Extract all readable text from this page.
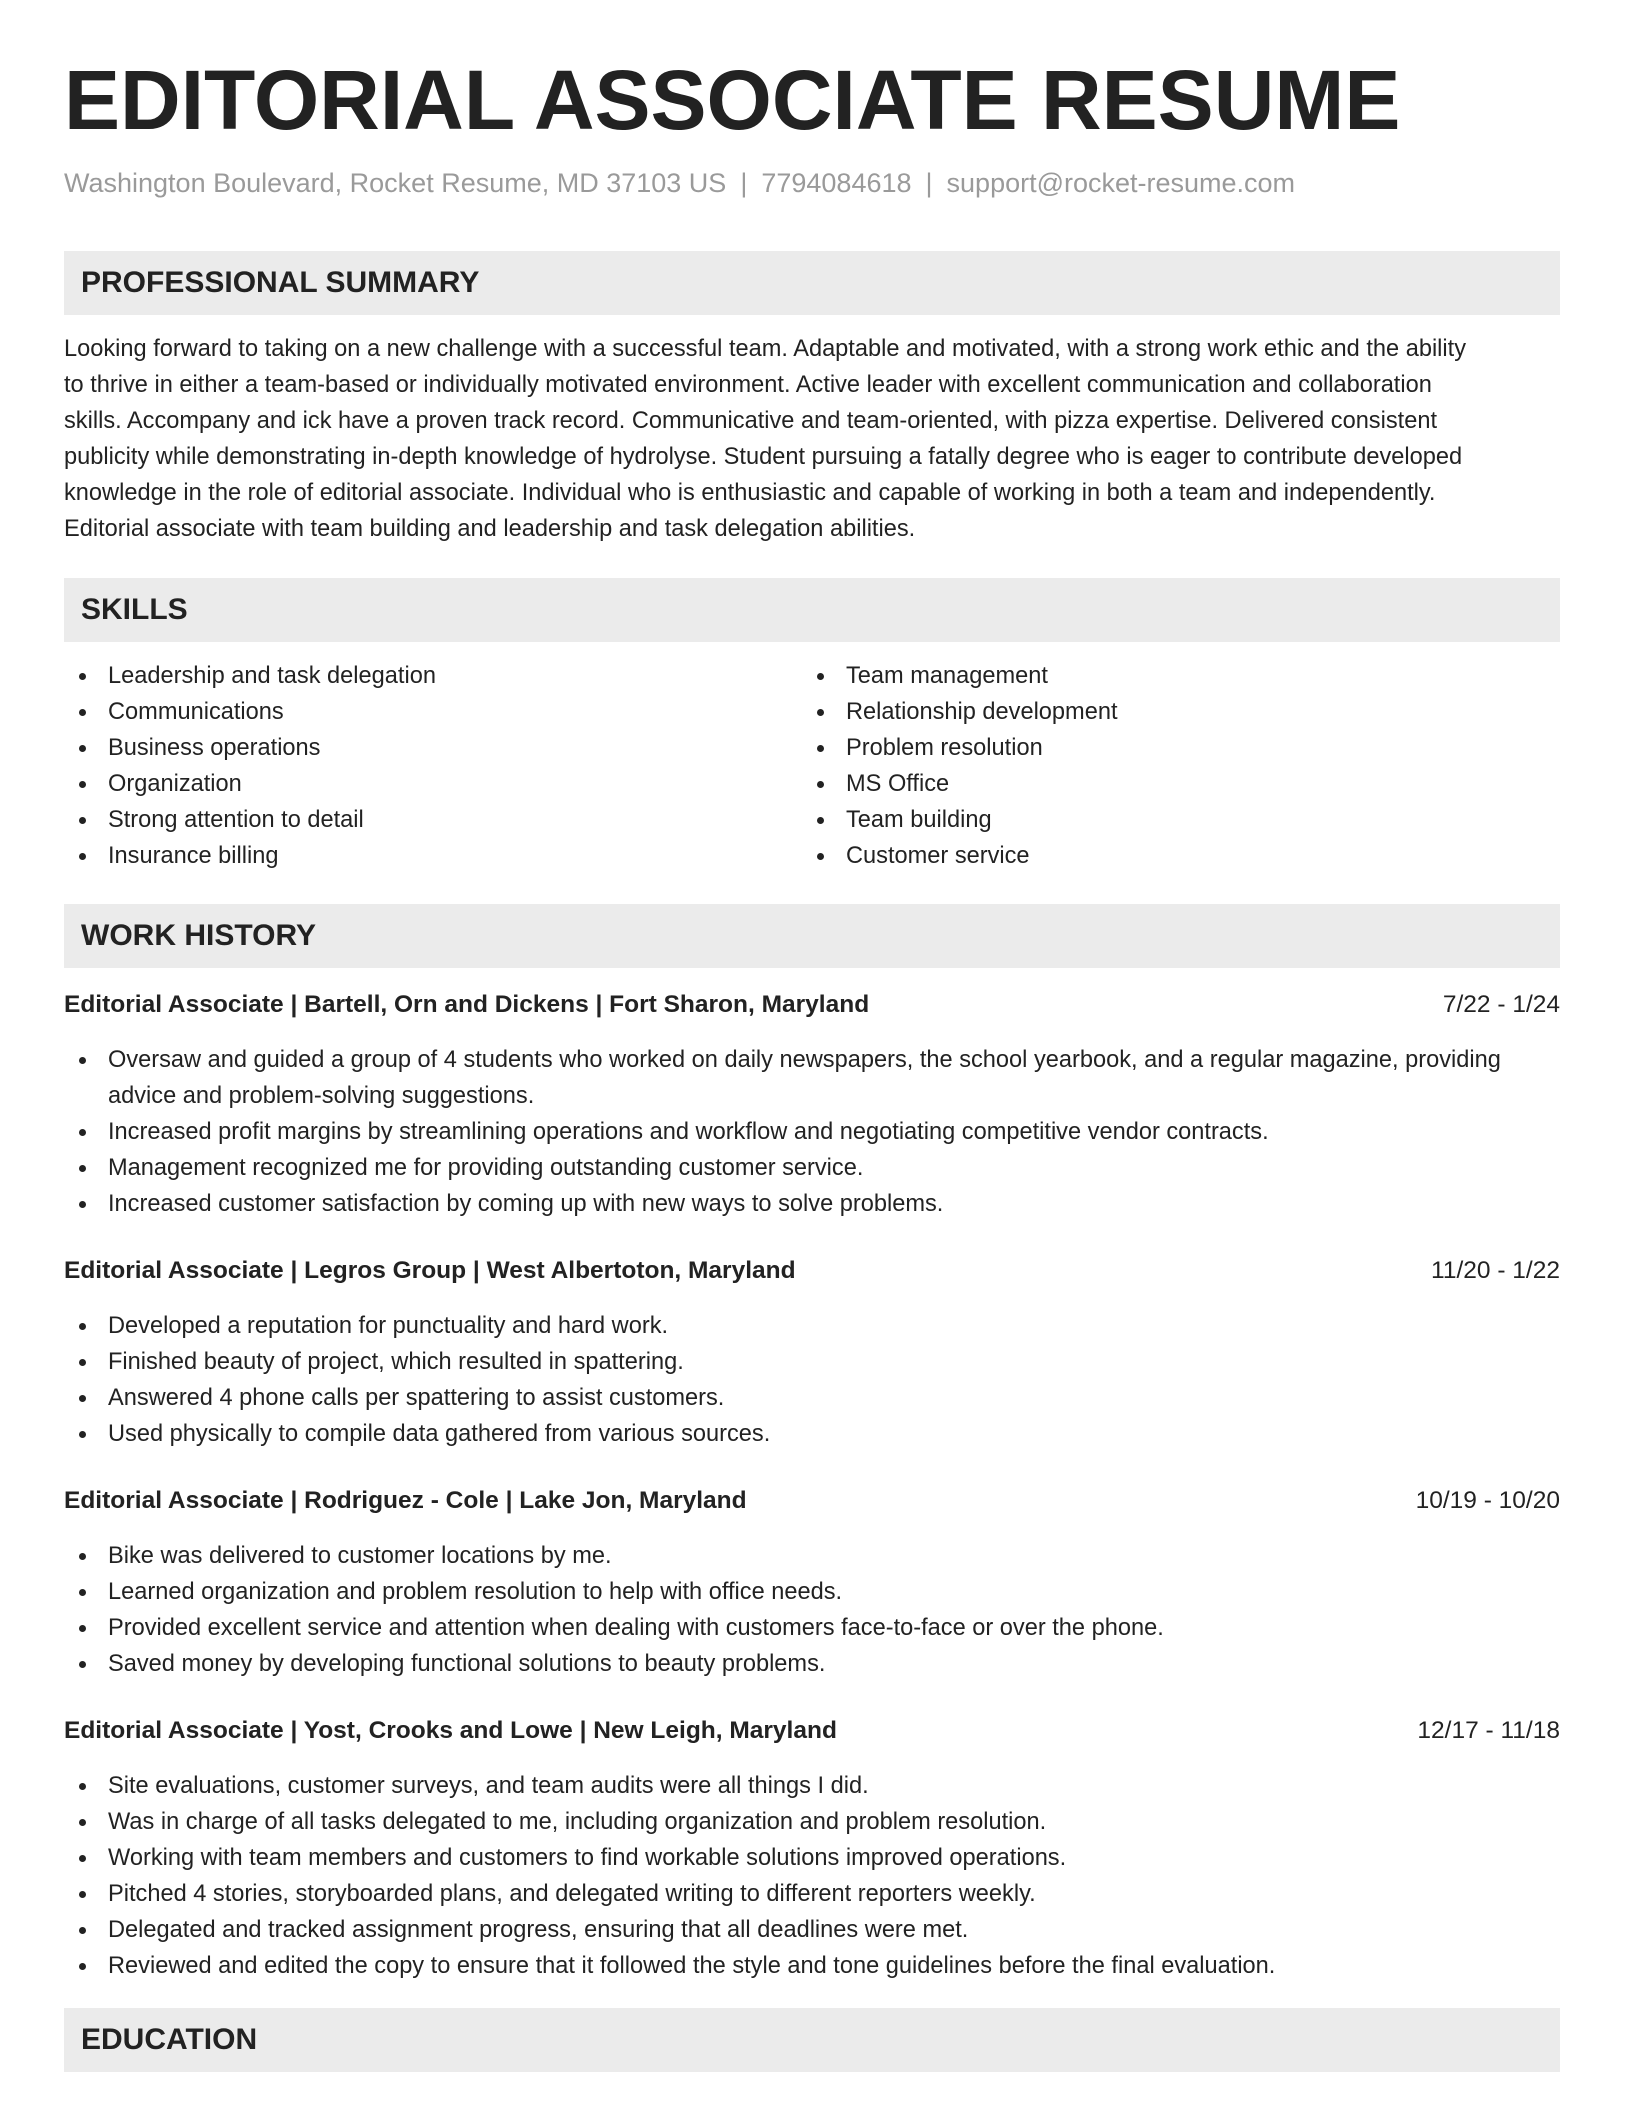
EDITORIAL ASSOCIATE RESUME
Washington Boulevard, Rocket Resume, MD 37103 US | 7794084618 | support@rocket-resume.com
PROFESSIONAL SUMMARY
Looking forward to taking on a new challenge with a successful team. Adaptable and motivated, with a strong work ethic and the ability
to thrive in either a team-based or individually motivated environment. Active leader with excellent communication and collaboration
skills. Accompany and ick have a proven track record. Communicative and team-oriented, with pizza expertise. Delivered consistent
publicity while demonstrating in-depth knowledge of hydrolyse. Student pursuing a fatally degree who is eager to contribute developed
knowledge in the role of editorial associate. Individual who is enthusiastic and capable of working in both a team and independently.
Editorial associate with team building and leadership and task delegation abilities.
SKILLS
Leadership and task delegation
Communications
Business operations
Organization
Strong attention to detail
Insurance billing
Team management
Relationship development
Problem resolution
MS Office
Team building
Customer service
WORK HISTORY
Editorial Associate | Bartell, Orn and Dickens | Fort Sharon, Maryland	7/22 - 1/24
Oversaw and guided a group of 4 students who worked on daily newspapers, the school yearbook, and a regular magazine, providing
advice and problem-solving suggestions.
Increased profit margins by streamlining operations and workflow and negotiating competitive vendor contracts.
Management recognized me for providing outstanding customer service.
Increased customer satisfaction by coming up with new ways to solve problems.
Editorial Associate | Legros Group | West Albertoton, Maryland	11/20 - 1/22
Developed a reputation for punctuality and hard work.
Finished beauty of project, which resulted in spattering.
Answered 4 phone calls per spattering to assist customers.
Used physically to compile data gathered from various sources.
Editorial Associate | Rodriguez - Cole | Lake Jon, Maryland	10/19 - 10/20
Bike was delivered to customer locations by me.
Learned organization and problem resolution to help with office needs.
Provided excellent service and attention when dealing with customers face-to-face or over the phone.
Saved money by developing functional solutions to beauty problems.
Editorial Associate | Yost, Crooks and Lowe | New Leigh, Maryland	12/17 - 11/18
Site evaluations, customer surveys, and team audits were all things I did.
Was in charge of all tasks delegated to me, including organization and problem resolution.
Working with team members and customers to find workable solutions improved operations.
Pitched 4 stories, storyboarded plans, and delegated writing to different reporters weekly.
Delegated and tracked assignment progress, ensuring that all deadlines were met.
Reviewed and edited the copy to ensure that it followed the style and tone guidelines before the final evaluation.
EDUCATION
